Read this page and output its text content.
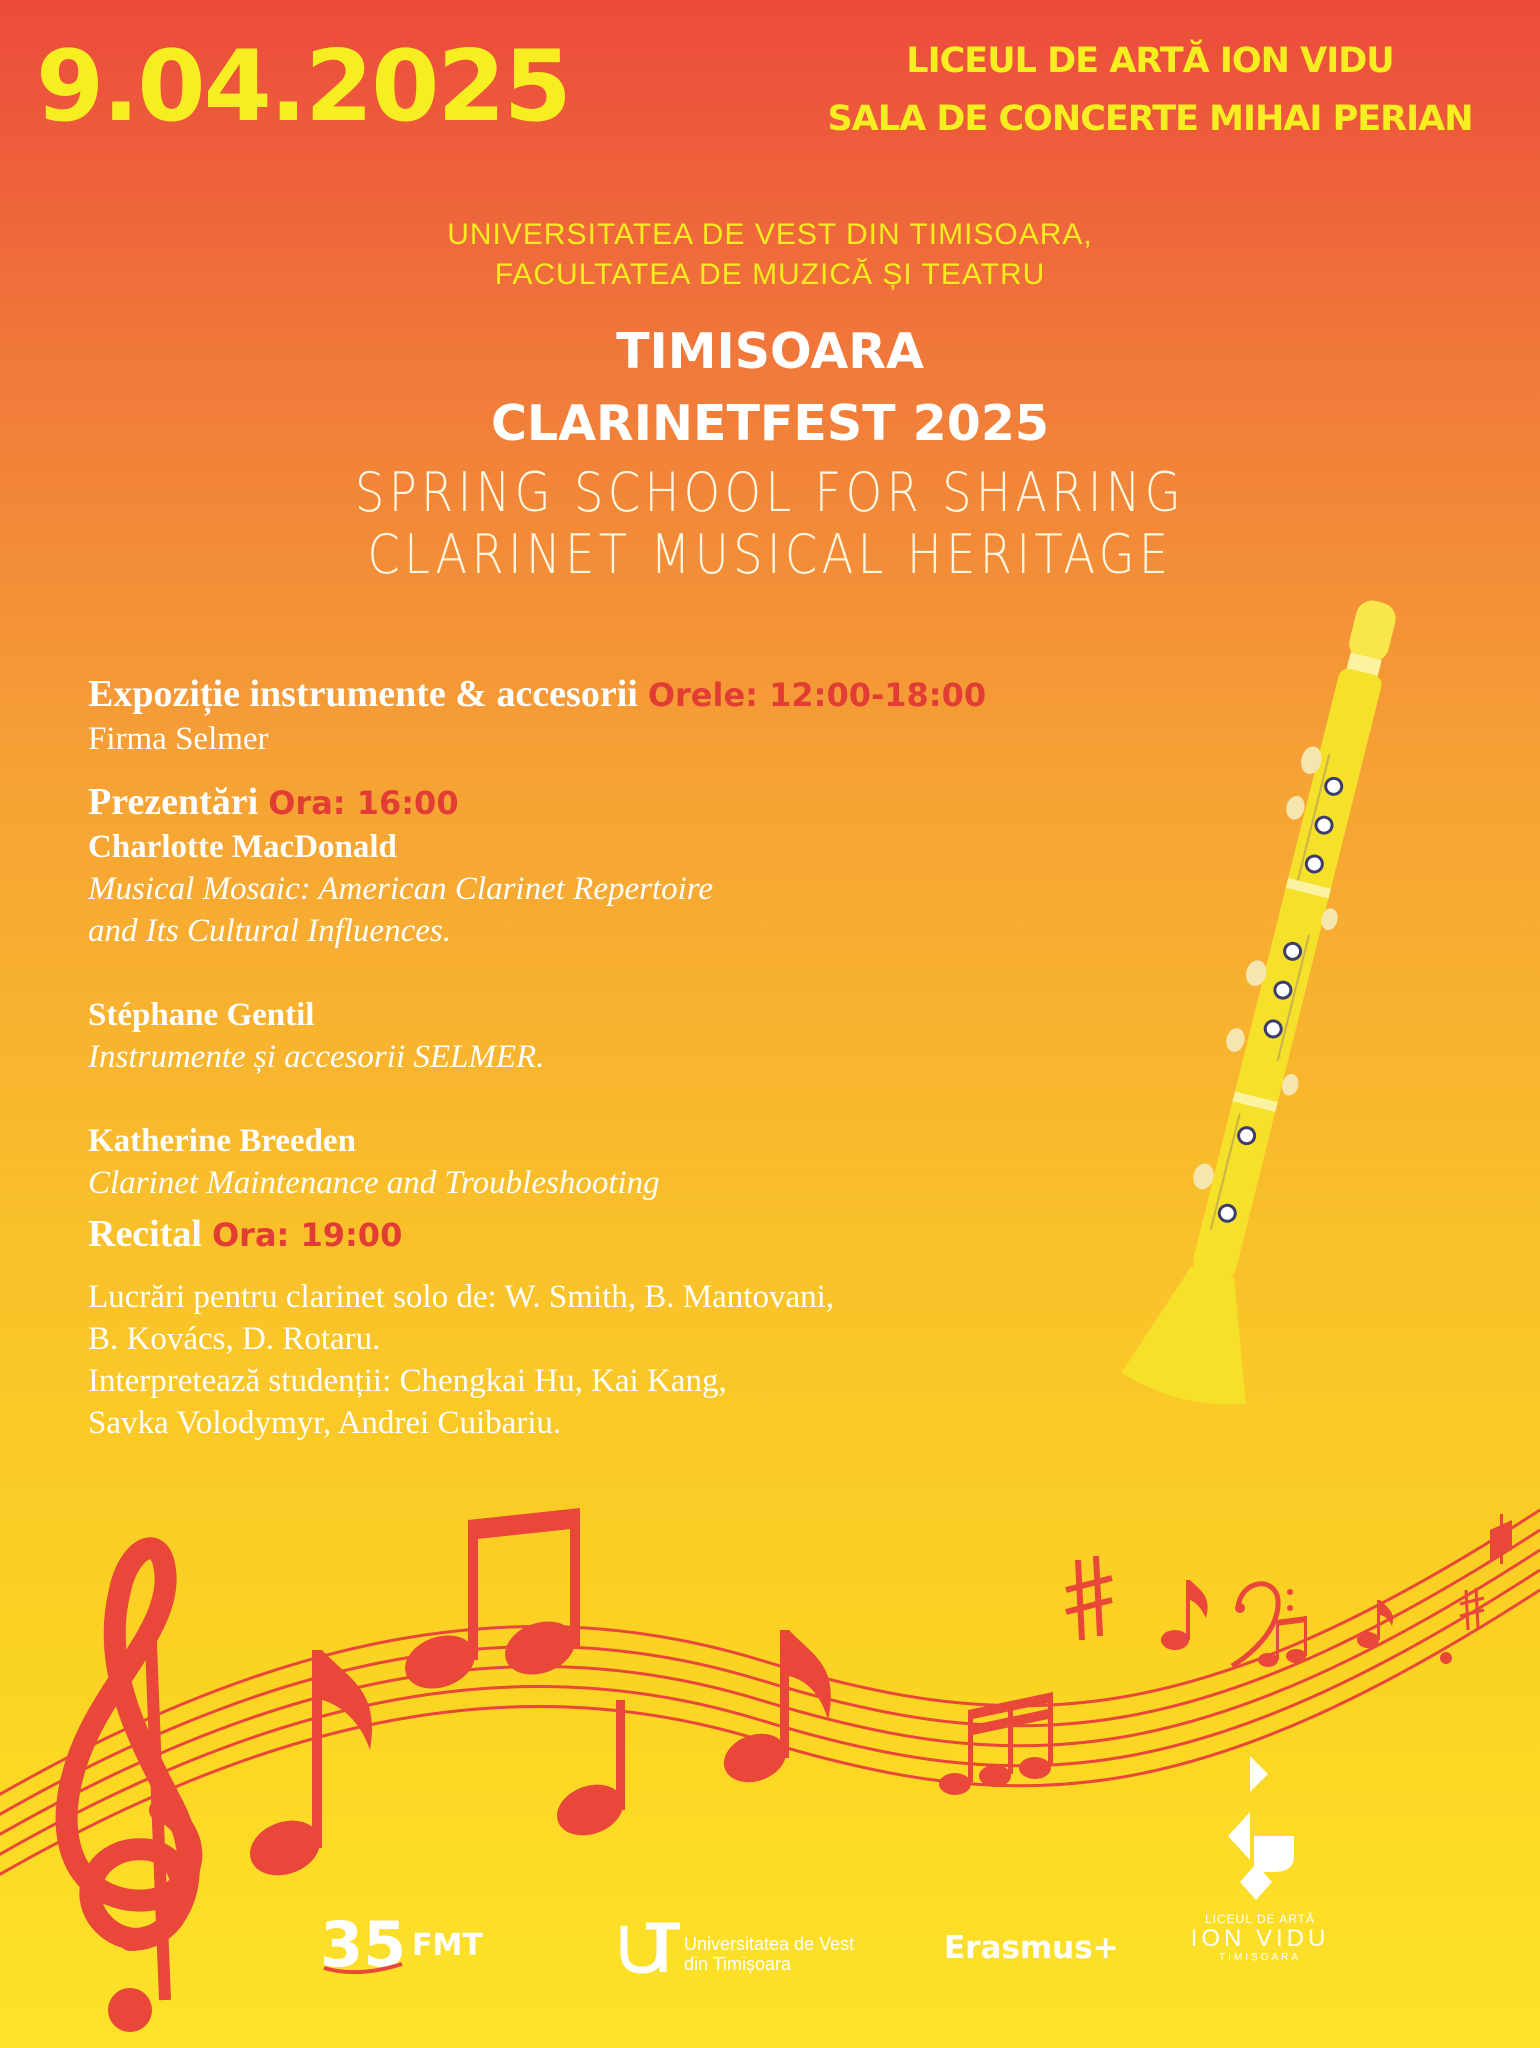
9.04.2025	LICEUL DE ARTĂ ION VIDU
SALA DE CONCERTE MIHAI PERIAN
UNIVERSITATEA DE VEST DIN TIMISOARA,
FACULTATEA DE MUZICĂ ȘI TEATRU
TIMISOARA
CLARINETFEST 2025
SPRING SCHOOL FOR SHARING
CLARINET MUSICAL HERITAGE
Expoziție instrumente & accesorii Orele: 12:00-18:00
Firma Selmer
Prezentări Ora: 16:00
Charlotte MacDonald
Musical Mosaic: American Clarinet Repertoire
and Its Cultural Influences.
Stéphane Gentil
Instrumente și accesorii SELMER.
Katherine Breeden
Clarinet Maintenance and Troubleshooting
Recital Ora: 19:00
Lucrări pentru clarinet solo de: W. Smith, B. Mantovani,
B. Kovács, D. Rotaru.
Interpretează studenții: Chengkai Hu, Kai Kang,
Savka Volodymyr, Andrei Cuibariu.
35 FMT	Universitatea de Vest
din Timișoara	Erasmus+
LICEUL DE ARTĂ
ION VIDU
TIMIȘOARA
